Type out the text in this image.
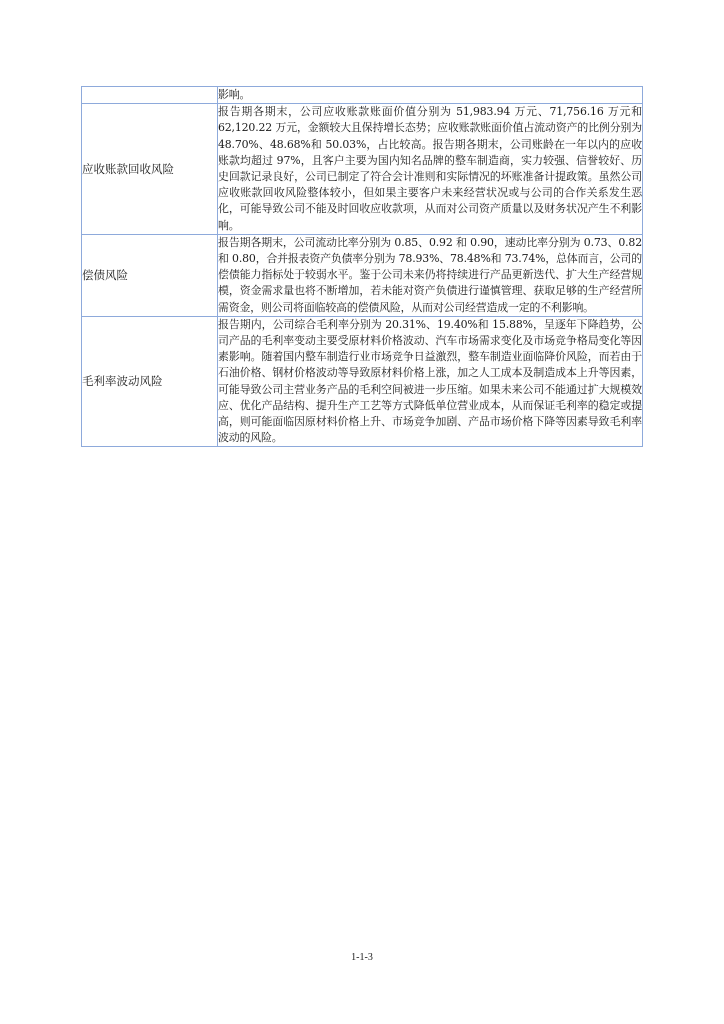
	影响。
应收账款回收风险	报告期各期末，公司应收账款账面价值分别为 51,983.94 万元、71,756.16 万元和 62,120.22 万元，金额较大且保持增长态势；应收账款账面价值占流动资产的比例分别为 48.70%、48.68%和 50.03%，占比较高。报告期各期末，公司账龄在一年以内的应收账款均超过 97%，且客户主要为国内知名品牌的整车制造商，实力较强、信誉较好、历史回款记录良好，公司已制定了符合会计准则和实际情况的坏账准备计提政策。虽然公司应收账款回收风险整体较小，但如果主要客户未来经营状况或与公司的合作关系发生恶化，可能导致公司不能及时回收应收款项，从而对公司资产质量以及财务状况产生不利影响。
偿债风险	报告期各期末，公司流动比率分别为 0.85、0.92 和 0.90，速动比率分别为 0.73、0.82 和 0.80，合并报表资产负债率分别为 78.93%、78.48%和 73.74%，总体而言，公司的偿债能力指标处于较弱水平。鉴于公司未来仍将持续进行产品更新迭代、扩大生产经营规模，资金需求量也将不断增加，若未能对资产负债进行谨慎管理、获取足够的生产经营所需资金，则公司将面临较高的偿债风险，从而对公司经营造成一定的不利影响。
毛利率波动风险	报告期内，公司综合毛利率分别为 20.31%、19.40%和 15.88%，呈逐年下降趋势，公司产品的毛利率变动主要受原材料价格波动、汽车市场需求变化及市场竞争格局变化等因素影响。随着国内整车制造行业市场竞争日益激烈，整车制造业面临降价风险，而若由于石油价格、钢材价格波动等导致原材料价格上涨，加之人工成本及制造成本上升等因素，可能导致公司主营业务产品的毛利空间被进一步压缩。如果未来公司不能通过扩大规模效应、优化产品结构、提升生产工艺等方式降低单位营业成本，从而保证毛利率的稳定或提高，则可能面临因原材料价格上升、市场竞争加剧、产品市场价格下降等因素导致毛利率波动的风险。
1-1-3
